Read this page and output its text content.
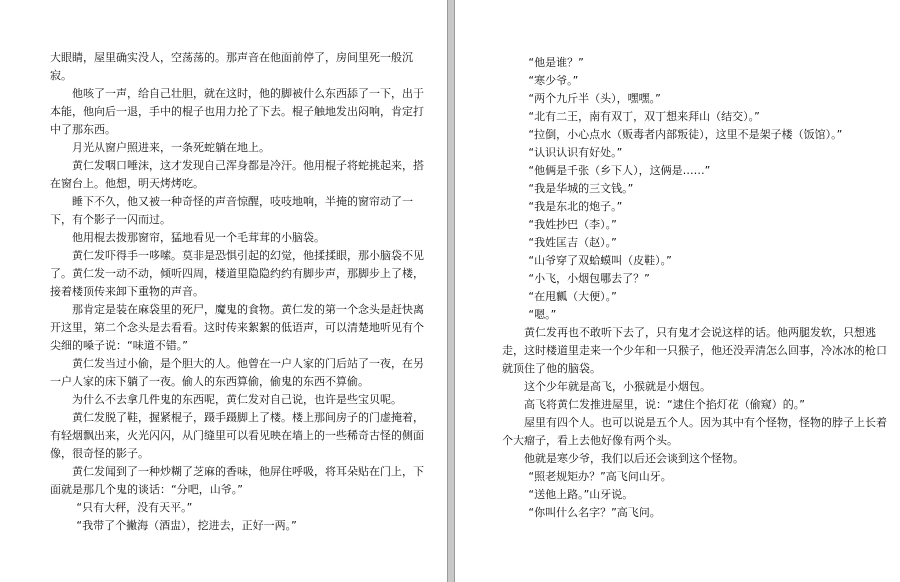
大眼睛，屋里确实没人，空荡荡的。那声音在他面前停了，房间里死一般沉寂。

他咳了一声，给自己壮胆，就在这时，他的脚被什么东西舔了一下，出于本能，他向后一退，手中的棍子也用力抡了下去。棍子触地发出闷响，肯定打中了那东西。

月光从窗户照进来，一条死蛇躺在地上。

黄仁发咽口唾沫，这才发现自己浑身都是冷汗。他用棍子将蛇挑起来，搭在窗台上。他想，明天烤烤吃。

睡下不久，他又被一种奇怪的声音惊醒，吱吱地响，半掩的窗帘动了一下，有个影子一闪而过。

他用棍去拨那窗帘，猛地看见一个毛茸茸的小脑袋。

黄仁发吓得手一哆嗦。莫非是恐惧引起的幻觉，他揉揉眼，那小脑袋不见了。黄仁发一动不动，倾听四周，楼道里隐隐约约有脚步声，那脚步上了楼，接着楼顶传来卸下重物的声音。

那肯定是装在麻袋里的死尸，魔鬼的食物。黄仁发的第一个念头是赶快离开这里，第二个念头是去看看。这时传来絮絮的低语声，可以清楚地听见有个尖细的嗓子说：“味道不错。”

黄仁发当过小偷，是个胆大的人。他曾在一户人家的门后站了一夜，在另一户人家的床下躺了一夜。偷人的东西算偷，偷鬼的东西不算偷。

为什么不去拿几件鬼的东西呢，黄仁发对自己说，也许是些宝贝呢。

黄仁发脱了鞋，握紧棍子，蹑手蹑脚上了楼。楼上那间房子的门虚掩着，有轻烟飘出来，火光闪闪，从门缝里可以看见映在墙上的一些稀奇古怪的侧面像，很奇怪的影子。

黄仁发闻到了一种炒糊了芝麻的香味，他屏住呼吸，将耳朵贴在门上，下面就是那几个鬼的谈话：“分吧，山爷。”

“只有大秤，没有天平。”

“我带了个撇海（酒盅），挖进去，正好一两。”

“他是谁？”

“寒少爷。”

“两个九斤半（头），嘿嘿。”

“北有二王，南有双丁，双丁想来拜山（结交）。”

“拉倒，小心点水（贩毒者内部叛徒），这里不是架子楼（饭馆）。”

“认识认识有好处。”

“他俩是千张（乡下人），这俩是……”

“我是华城的三文钱。”

“我是东北的炮子。”

“我姓抄巴（李）。”

“我姓匡吉（赵）。”

“山爷穿了双蛤蟆叫（皮鞋）。”

“小飞，小烟包哪去了？”

“在甩瓤（大便）。”

“嗯。”

黄仁发再也不敢听下去了，只有鬼才会说这样的话。他两腿发软，只想逃走，这时楼道里走来一个少年和一只猴子，他还没弄清怎么回事，冷冰冰的枪口就顶住了他的脑袋。

这个少年就是高飞，小猴就是小烟包。

高飞将黄仁发推进屋里，说：“逮住个掐灯花（偷窥）的。”

屋里有四个人。也可以说是五个人。因为其中有个怪物，怪物的脖子上长着个大瘤子，看上去他好像有两个头。

他就是寒少爷，我们以后还会谈到这个怪物。

“照老规矩办？”高飞问山牙。

“送他上路。”山牙说。

“你叫什么名字？”高飞问。
